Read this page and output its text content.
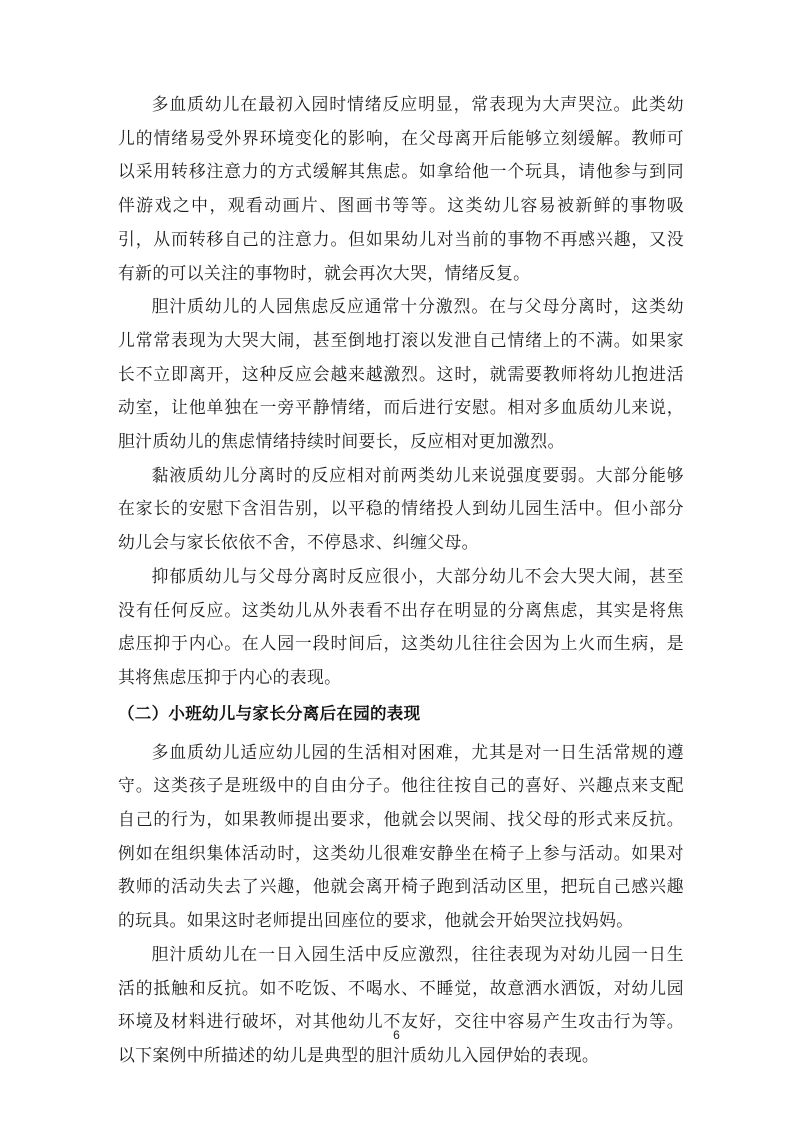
多血质幼儿在最初入园时情绪反应明显，常表现为大声哭泣。此类幼儿的情绪易受外界环境变化的影响，在父母离开后能够立刻缓解。教师可以采用转移注意力的方式缓解其焦虑。如拿给他一个玩具，请他参与到同伴游戏之中，观看动画片、图画书等等。这类幼儿容易被新鲜的事物吸引，从而转移自己的注意力。但如果幼儿对当前的事物不再感兴趣，又没有新的可以关注的事物时，就会再次大哭，情绪反复。

胆汁质幼儿的人园焦虑反应通常十分激烈。在与父母分离时，这类幼儿常常表现为大哭大闹，甚至倒地打滚以发泄自己情绪上的不满。如果家长不立即离开，这种反应会越来越激烈。这时，就需要教师将幼儿抱进活动室，让他单独在一旁平静情绪，而后进行安慰。相对多血质幼儿来说，胆汁质幼儿的焦虑情绪持续时间要长，反应相对更加激烈。

黏液质幼儿分离时的反应相对前两类幼儿来说强度要弱。大部分能够在家长的安慰下含泪告别，以平稳的情绪投人到幼儿园生活中。但小部分幼儿会与家长依依不舍，不停恳求、纠缠父母。

抑郁质幼儿与父母分离时反应很小，大部分幼儿不会大哭大闹，甚至没有任何反应。这类幼儿从外表看不出存在明显的分离焦虑，其实是将焦虑压抑于内心。在人园一段时间后，这类幼儿往往会因为上火而生病，是其将焦虑压抑于内心的表现。

（二）小班幼儿与家长分离后在园的表现

多血质幼儿适应幼儿园的生活相对困难，尤其是对一日生活常规的遵守。这类孩子是班级中的自由分子。他往往按自己的喜好、兴趣点来支配自己的行为，如果教师提出要求，他就会以哭闹、找父母的形式来反抗。例如在组织集体活动时，这类幼儿很难安静坐在椅子上参与活动。如果对教师的活动失去了兴趣，他就会离开椅子跑到活动区里，把玩自己感兴趣的玩具。如果这时老师提出回座位的要求，他就会开始哭泣找妈妈。

胆汁质幼儿在一日入园生活中反应激烈，往往表现为对幼儿园一日生活的抵触和反抗。如不吃饭、不喝水、不睡觉，故意洒水洒饭，对幼儿园环境及材料进行破坏，对其他幼儿不友好，交往中容易产生攻击行为等。以下案例中所描述的幼儿是典型的胆汁质幼儿入园伊始的表现。

6
